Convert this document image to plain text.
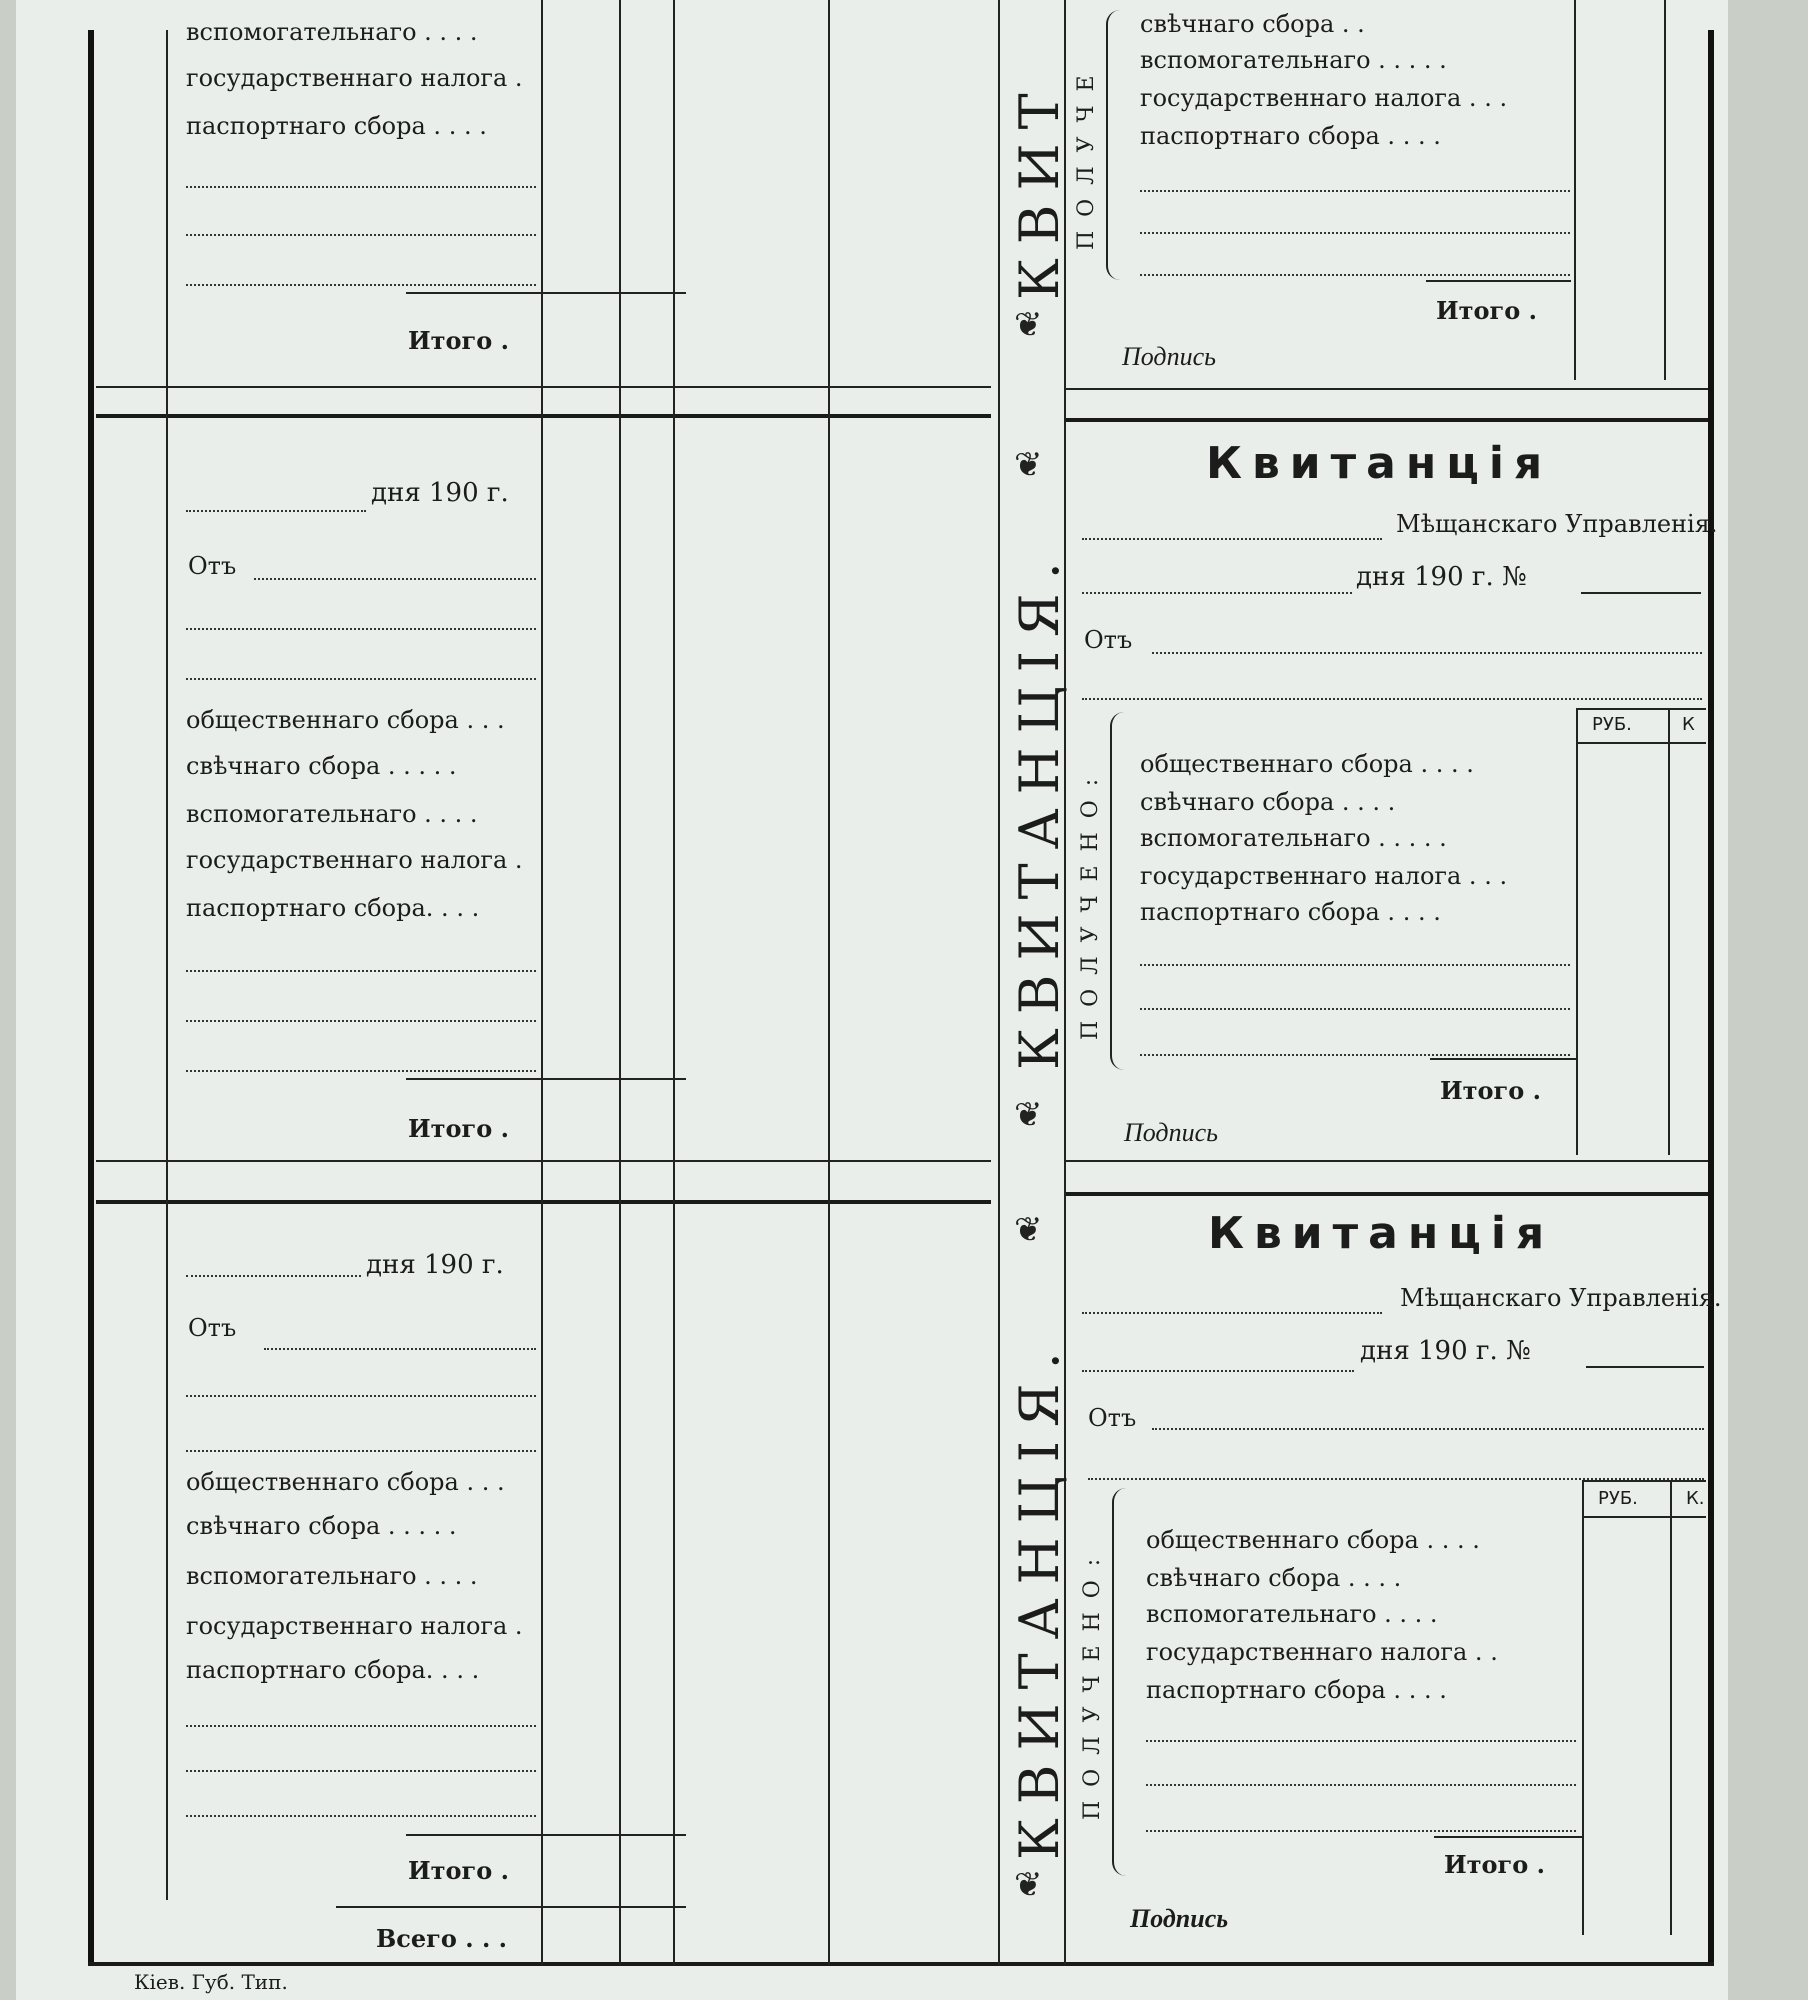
вспомогательнаго . . . .
государственнаго налога .
паспортнаго сбора . . . .
Итого .
дня 190 г.
Отъ
общественнаго сбора . . .
свѣчнаго сбора . . . . .
вспомогательнаго . . . .
государственнаго налога .
паспортнаго сбора. . . .
Итого .
дня 190 г.
Отъ
общественнаго сбора . . .
свѣчнаго сбора . . . . .
вспомогательнаго . . . .
государственнаго налога .
паспортнаго сбора. . . .
Итого .
Всего . . .
КВИТ
❦
❦
КВИТАНЦІЯ.
❦
❦
КВИТАНЦІЯ.
❦
ПОЛУЧЕ
свѣчнаго сбора . .
вспомогательнаго . . . . .
государственнаго налога . . .
паспортнаго сбора . . . .
Итого .
Подпись
Квитанція
Мѣщанскаго Управленія.
дня 190 г. №
Отъ
РУБ.	К
ПОЛУЧЕНО:
общественнаго сбора . . . .
свѣчнаго сбора . . . .
вспомогательнаго . . . . .
государственнаго налога . . .
паспортнаго сбора . . . .
Итого .
Подпись
Квитанція
Мѣщанскаго Управленія.
дня 190 г. №
Отъ
РУБ.	К.
ПОЛУЧЕНО:
общественнаго сбора . . . .
свѣчнаго сбора . . . .
вспомогательнаго . . . .
государственнаго налога . .
паспортнаго сбора . . . .
Итого .
Подпись
Кіев. Губ. Тип.
